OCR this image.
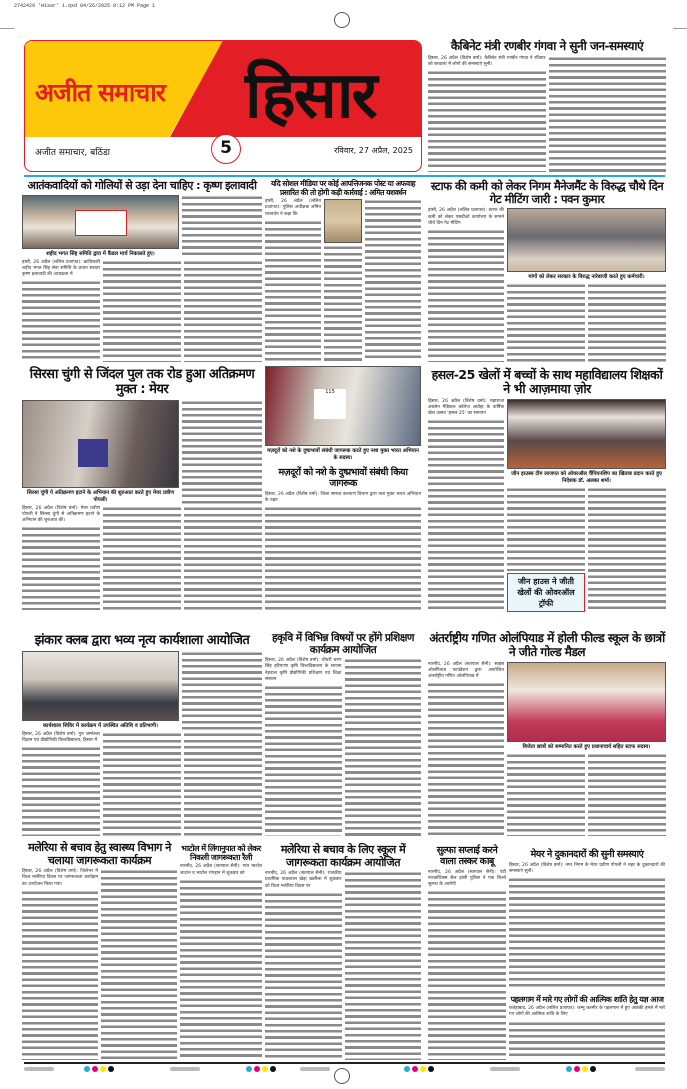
2742429 'Hisar' 1.qxd 04/26/2025 9:12 PM Page 1
अजीत समाचार हिसार
अजीत समाचार, बठिंडा	5	रविवार, 27 अप्रैल, 2025
कैबिनेट मंत्री रणबीर गंगवा ने सुनी जन-समस्याएं
हिसार, 26 अप्रैल (विशेष वर्मा): कैबिनेट मंत्री रणबीर गंगवा ने रविवार को बरवाला में लोगों की समस्याएं सुनी।
आतंकवादियों को गोलियों से उड़ा देना चाहिए : कृष्ण इलावादी
शहीद भगत सिंह समिति द्वारा में कैंडल मार्च निकालते हुए।
हांसी, 26 अप्रैल (ललित प्रजापत): क्रांतिकारी शहीद भगत सिंह सेवा समिति के प्रधान सरदार कृष्ण इलावादी की अध्यक्षता में
यदि सोशल मीडिया पर कोई आपत्तिजनक पोस्ट या अफवाह प्रसारित की तो होगी कड़ी कार्रवाई : अमित यशवर्धन
हांसी, 26 अप्रैल (ललित प्रजापत): पुलिस अधीक्षक अमित यशवर्धन ने कहा कि
स्टाफ की कमी को लेकर निगम मैनेजमैंट के विरुद्ध चौथे दिन गेट मीटिंग जारी : पवन कुमार
हांसी, 26 अप्रैल (ललित प्रजापत): स्टाफ की कमी को लेकर एसडीओ कार्यालय के सामने चौथे दिन गेट मीटिंग
मांगों को लेकर सरकार के विरुद्ध नारेबाजी करते हुए कर्मचारी।
सिरसा चुंगी से जिंदल पुल तक रोड हुआ अतिक्रमण मुक्त : मेयर
सिरसा चुंगी पे अतिक्रमण हटाने के अभियान की शुरुआत करते हुए मेयर प्रवीण पोपली।
हिसार, 26 अप्रैल (विशेष वर्मा): मेयर प्रवीण पोपली ने सिरसा चुंगी से अतिक्रमण हटाने के अभियान की शुरुआत की।
115
मज़दूरों को नशे के दुष्प्रभावों संबंधी जागरूक करते हुए नशा मुक्त भारत अभियान के सदस्य।
मज़दूरों को नशे के दुष्प्रभावों संबंधी किया जागरूक
हिसार, 26 अप्रैल (विशेष वर्मा): जिला समाज कल्याण विभाग द्वारा नशा मुक्त भारत अभियान के तहत
हसल-25 खेलों में बच्चों के साथ महाविद्यालय शिक्षकों ने भी आज़माया ज़ोर
हिसार, 26 अप्रैल (विशेष वर्मा): महाराजा अग्रसेन मैडिकल कॉलेज अग्रोहा के वार्षिक खेल उत्सव 'हसल-25' का समापन
जीन हाउस्स टीम लाजपत को ओवरऑल चैंपियनशिप का खिताब प्रदान करते हुए निदेशक डॉ. अलका शर्मा।
जीन हाउस ने जीती खेलों की ओवरऑल ट्रॉफी
झंकार क्लब द्वारा भव्य नृत्य कार्यशाला आयोजित
कार्यशाला शिविर में कार्यक्रम में उपस्थित अतिथि व प्रतिभागी।
हिसार, 26 अप्रैल (विशेष वर्मा): गुरु जम्भेश्वर विज्ञान एवं प्रौद्योगिकी विश्वविद्यालय, हिसार में
हकृवि में विभिन्न विषयों पर होंगे प्रशिक्षण कार्यक्रम आयोजित
हिसार, 26 अप्रैल (विशेष वर्मा): चौधरी चरण सिंह हरियाणा कृषि विश्वविद्यालय के सायना नेहवाल कृषि प्रौद्योगिकी प्रशिक्षण एवं शिक्षा संस्थान
अंतर्राष्ट्रीय गणित ओलंपियाड में होली फील्ड स्कूल के छात्रों ने जीते गोल्ड मैडल
नारनौंद, 26 अप्रैल (सतपाल सैनी): साइंस ओलंपियाड फाउंडेशन द्वारा आयोजित अंतर्राष्ट्रीय गणित ओलंपियाड में
विजेता छात्रों को सम्मानित करते हुए प्रधानाचार्य सहित स्टाफ सदस्य।
मलेरिया से बचाव हेतु स्वास्थ्य विभाग ने चलाया जागरूकता कार्यक्रम
हिसार, 26 अप्रैल (विशेष वर्मा): जिलेभर में विश्व मलेरिया दिवस पर जागरूकता कार्यक्रम का आयोजन किया गया।
भाटोल में लिंगानुपात को लेकर निकली जागरूकता रैली
नारनौंद, 26 अप्रैल (सतपाल सैनी): गांव भाटोल जाटान व भाटोल रांगड़ान में शुक्रवार को
मलेरिया से बचाव के लिए स्कूल में जागरूकता कार्यक्रम आयोजित
नारनौंद, 26 अप्रैल (सतपाल सैनी): राजकीय प्राथमिक पाठशाला खेड़ा खलीला में शुक्रवार को विश्व मलेरिया दिवस पर
सुल्फा सप्लाई करने वाला तस्कर काबू
नारनौंद, 26 अप्रैल (सतपाल सैनी): एंटी नारकोटिक्स सैल हांसी पुलिस ने एक किलो सुल्फा के आरोपी
मेयर ने दुकानदारों की सुनी समस्याएं
हिसार, 26 अप्रैल (विशेष वर्मा): नगर निगम के मेयर प्रवीण पोपली ने शहर के दुकानदारों की समस्याएं सुनीं।
पहलगाम में मारे गए लोगों की आत्मिक शांति हेतु यज्ञ आज
फतेहाबाद, 26 अप्रैल (ललित प्रजापत): जम्मू कश्मीर के पहलगाम में हुए आतंकी हमले में मारे गए लोगों की आत्मिक शांति के लिए
